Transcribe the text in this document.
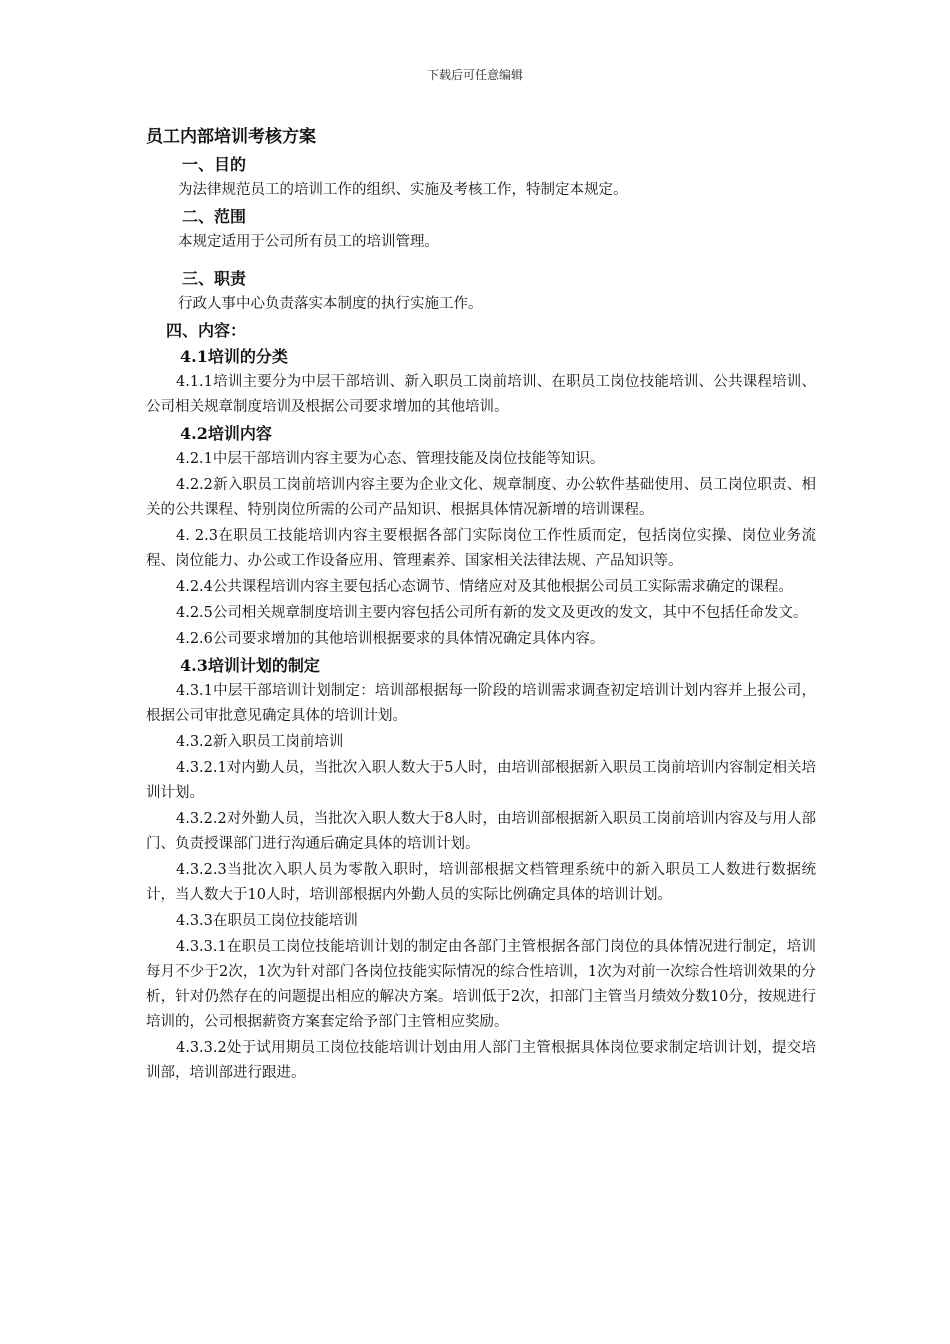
下载后可任意编辑
员工内部培训考核方案
一、目的
为法律规范员工的培训工作的组织、实施及考核工作，特制定本规定。
二、范围
本规定适用于公司所有员工的培训管理。
三、职责
行政人事中心负责落实本制度的执行实施工作。
四、内容：
4.1培训的分类
4.1.1培训主要分为中层干部培训、新入职员工岗前培训、在职员工岗位技能培训、公共课程培训、公司相关规章制度培训及根据公司要求增加的其他培训。
4.2培训内容
4.2.1中层干部培训内容主要为心态、管理技能及岗位技能等知识。
4.2.2新入职员工岗前培训内容主要为企业文化、规章制度、办公软件基础使用、员工岗位职责、相关的公共课程、特别岗位所需的公司产品知识、根据具体情况新增的培训课程。
4. 2.3在职员工技能培训内容主要根据各部门实际岗位工作性质而定，包括岗位实操、岗位业务流程、岗位能力、办公或工作设备应用、管理素养、国家相关法律法规、产品知识等。
4.2.4公共课程培训内容主要包括心态调节、情绪应对及其他根据公司员工实际需求确定的课程。
4.2.5公司相关规章制度培训主要内容包括公司所有新的发文及更改的发文，其中不包括任命发文。
4.2.6公司要求增加的其他培训根据要求的具体情况确定具体内容。
4.3培训计划的制定
4.3.1中层干部培训计划制定：培训部根据每一阶段的培训需求调查初定培训计划内容并上报公司，根据公司审批意见确定具体的培训计划。
4.3.2新入职员工岗前培训
4.3.2.1对内勤人员，当批次入职人数大于5人时，由培训部根据新入职员工岗前培训内容制定相关培训计划。
4.3.2.2对外勤人员，当批次入职人数大于8人时，由培训部根据新入职员工岗前培训内容及与用人部门、负责授课部门进行沟通后确定具体的培训计划。
4.3.2.3当批次入职人员为零散入职时，培训部根据文档管理系统中的新入职员工人数进行数据统计，当人数大于10人时，培训部根据内外勤人员的实际比例确定具体的培训计划。
4.3.3在职员工岗位技能培训
4.3.3.1在职员工岗位技能培训计划的制定由各部门主管根据各部门岗位的具体情况进行制定，培训每月不少于2次，1次为针对部门各岗位技能实际情况的综合性培训，1次为对前一次综合性培训效果的分析，针对仍然存在的问题提出相应的解决方案。培训低于2次，扣部门主管当月绩效分数10分，按规进行培训的，公司根据薪资方案套定给予部门主管相应奖励。
4.3.3.2处于试用期员工岗位技能培训计划由用人部门主管根据具体岗位要求制定培训计划，提交培训部，培训部进行跟进。
